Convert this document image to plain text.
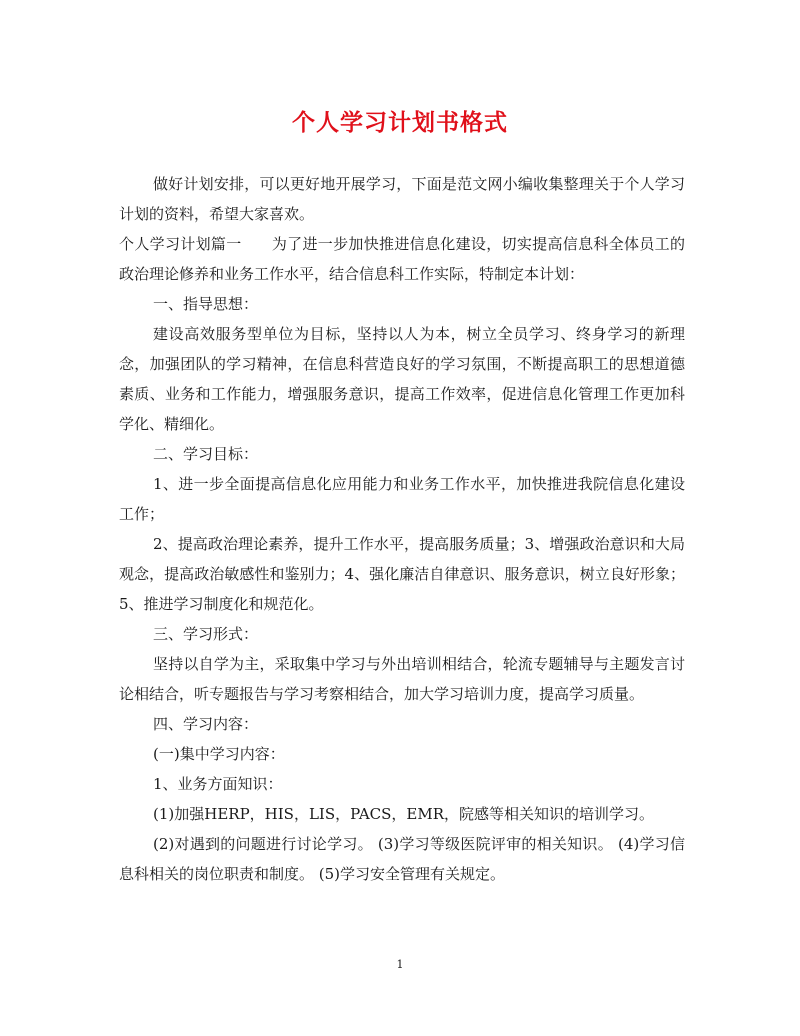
个人学习计划书格式

做好计划安排，可以更好地开展学习，下面是范文网小编收集整理关于个人学习计划的资料，希望大家喜欢。

个人学习计划篇一 为了进一步加快推进信息化建设，切实提高信息科全体员工的政治理论修养和业务工作水平，结合信息科工作实际，特制定本计划：

一、指导思想：

建设高效服务型单位为目标，坚持以人为本，树立全员学习、终身学习的新理念，加强团队的学习精神，在信息科营造良好的学习氛围，不断提高职工的思想道德素质、业务和工作能力，增强服务意识，提高工作效率，促进信息化管理工作更加科学化、精细化。

二、学习目标：

1、进一步全面提高信息化应用能力和业务工作水平，加快推进我院信息化建设工作；

2、提高政治理论素养，提升工作水平，提高服务质量；3、增强政治意识和大局观念，提高政治敏感性和鉴别力；4、强化廉洁自律意识、服务意识，树立良好形象；5、推进学习制度化和规范化。

三、学习形式：

坚持以自学为主，采取集中学习与外出培训相结合，轮流专题辅导与主题发言讨论相结合，听专题报告与学习考察相结合，加大学习培训力度，提高学习质量。

四、学习内容：

(一)集中学习内容：

1、业务方面知识：

(1)加强HERP，HIS，LIS，PACS，EMR，院感等相关知识的培训学习。

(2)对遇到的问题进行讨论学习。 (3)学习等级医院评审的相关知识。 (4)学习信息科相关的岗位职责和制度。 (5)学习安全管理有关规定。

1
